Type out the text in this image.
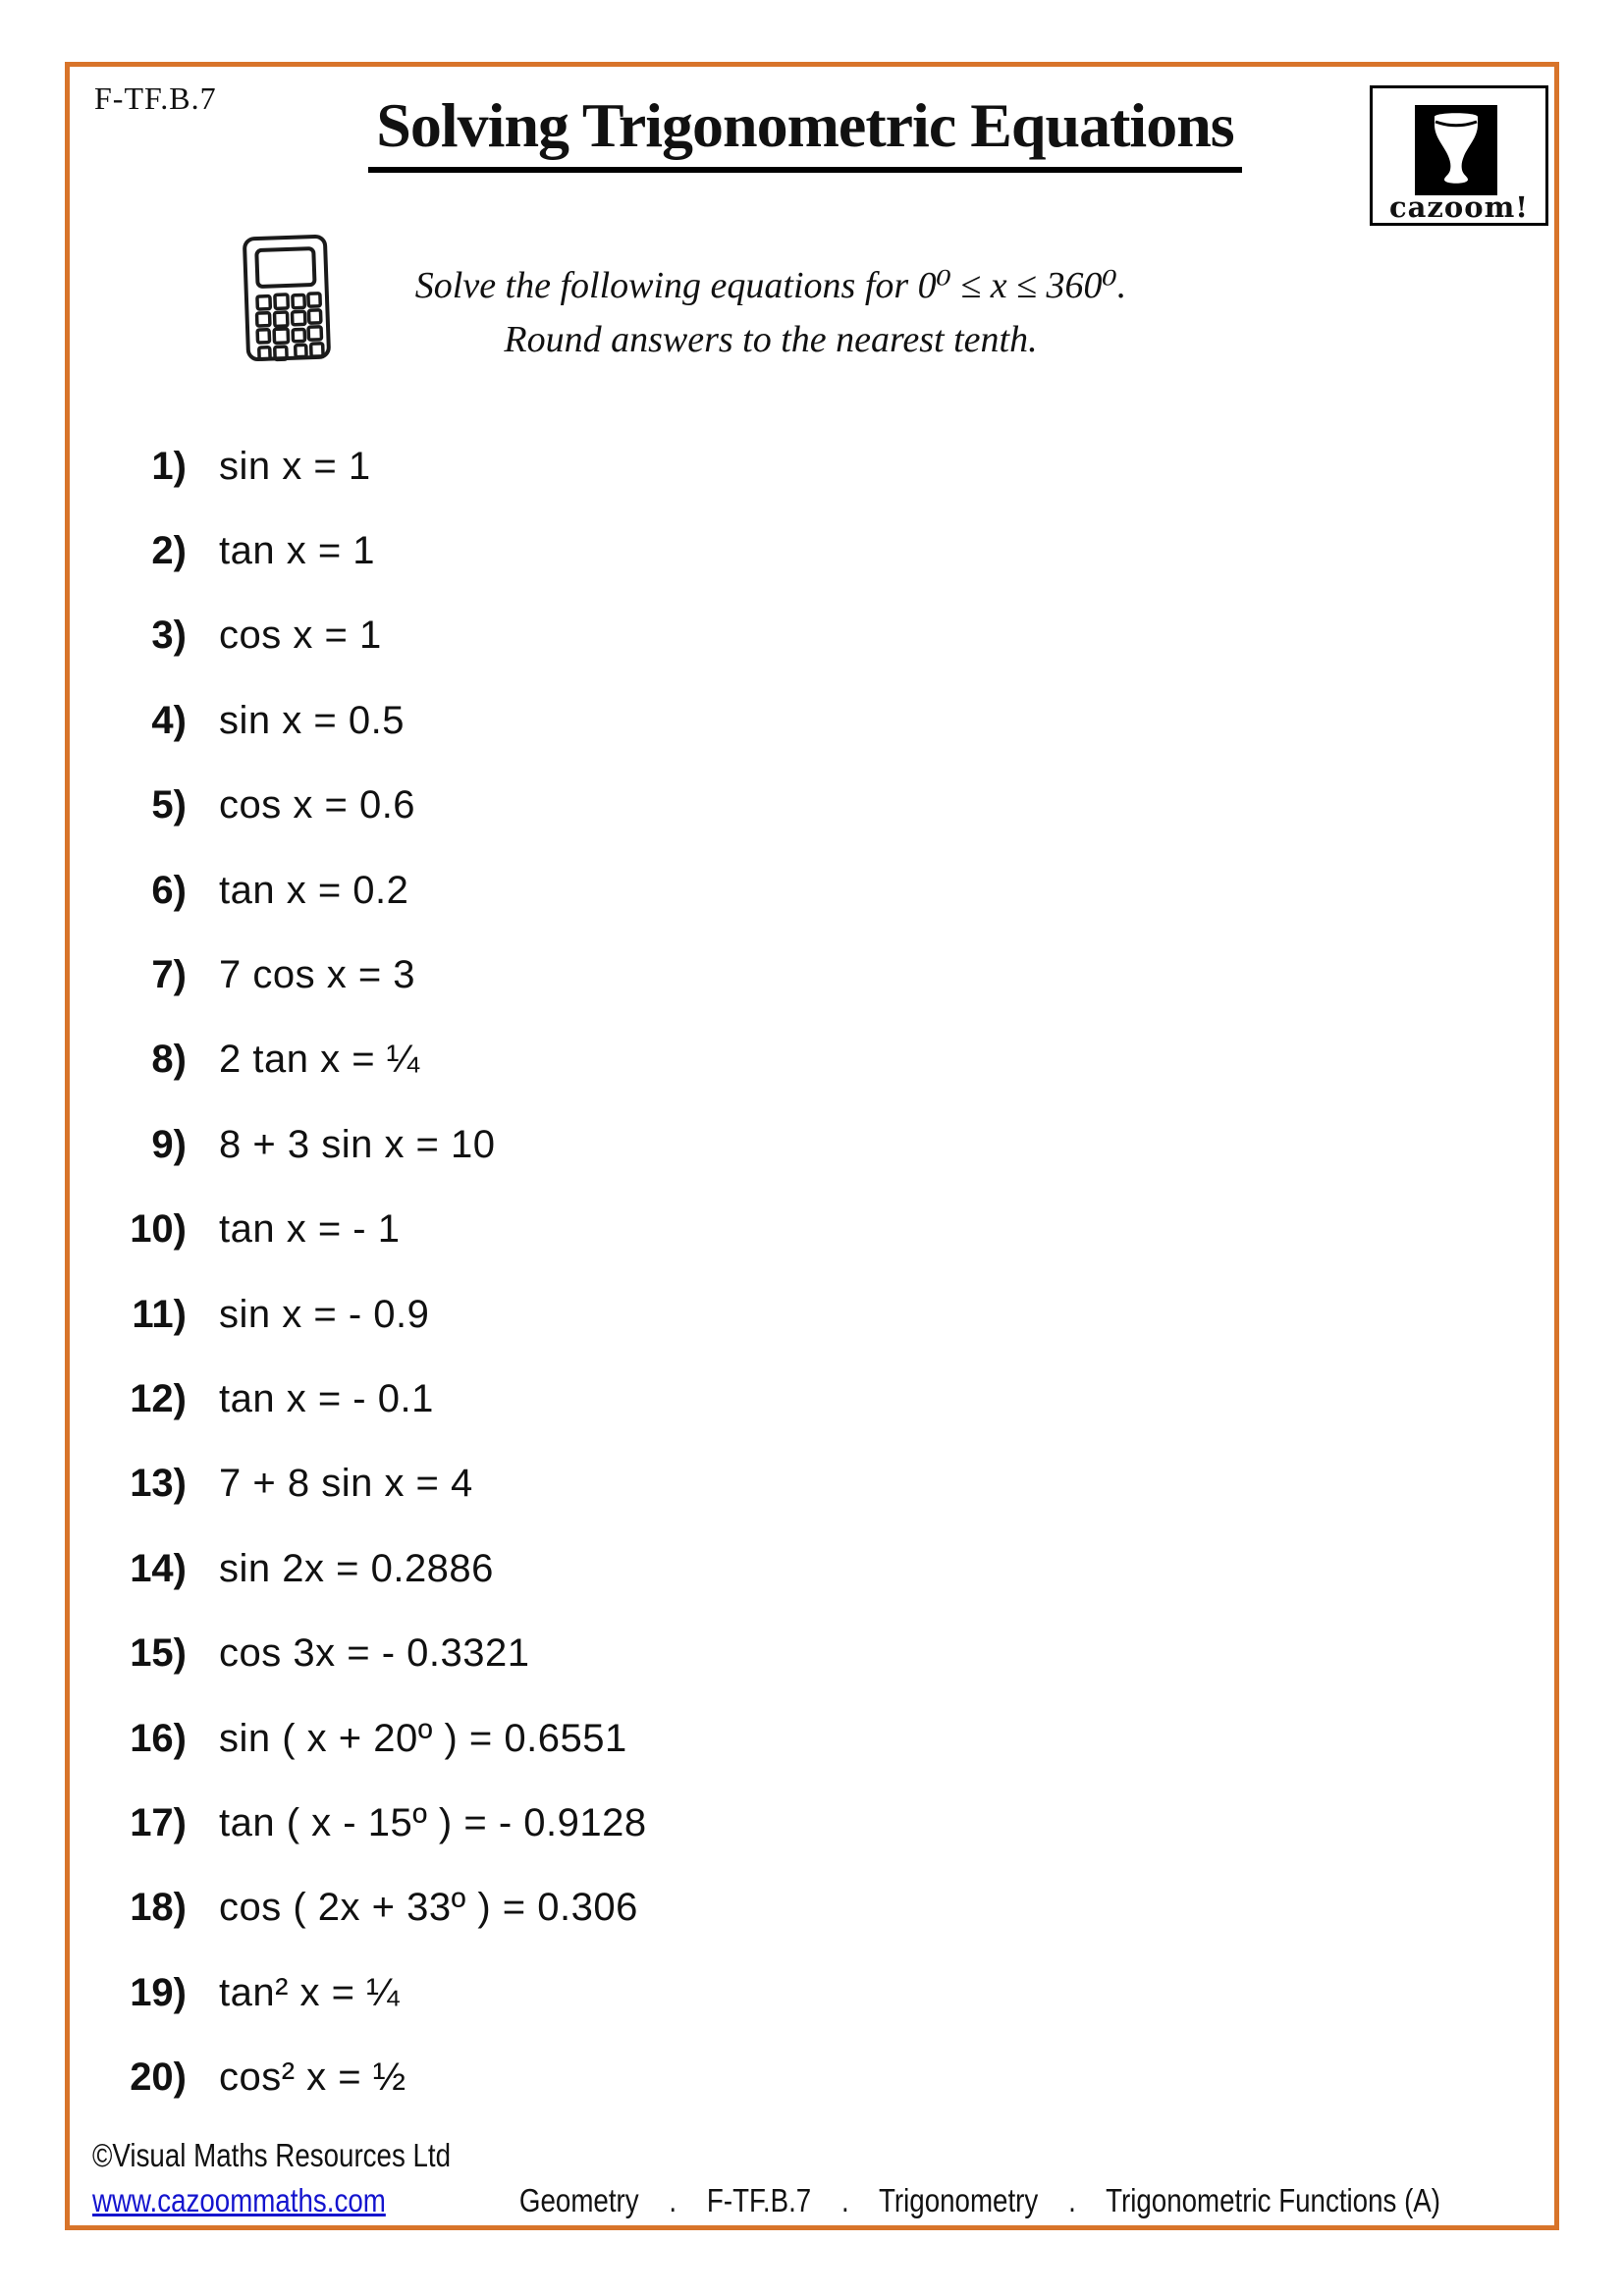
F-TF.B.7	Solving Trigonometric Equations
cazoom!
Solve the following equations for 0⁰ ≤ x ≤ 360⁰.
Round answers to the nearest tenth.
1) sin x = 1
2) tan x = 1
3) cos x = 1
4) sin x = 0.5
5) cos x = 0.6
6) tan x = 0.2
7) 7 cos x = 3
8) 2 tan x = ¼
9) 8 + 3 sin x = 10
10) tan x = - 1
11) sin x = - 0.9
12) tan x = - 0.1
13) 7 + 8 sin x = 4
14) sin 2x = 0.2886
15) cos 3x = - 0.3321
16) sin ( x + 20º ) = 0.6551
17) tan ( x - 15º ) = - 0.9128
18) cos ( 2x + 33º ) = 0.306
19) tan² x = ¼
20) cos² x = ½
©Visual Maths Resources Ltd
www.cazoommaths.com	Geometry    .    F-TF.B.7    .    Trigonometry    .    Trigonometric Functions (A)
